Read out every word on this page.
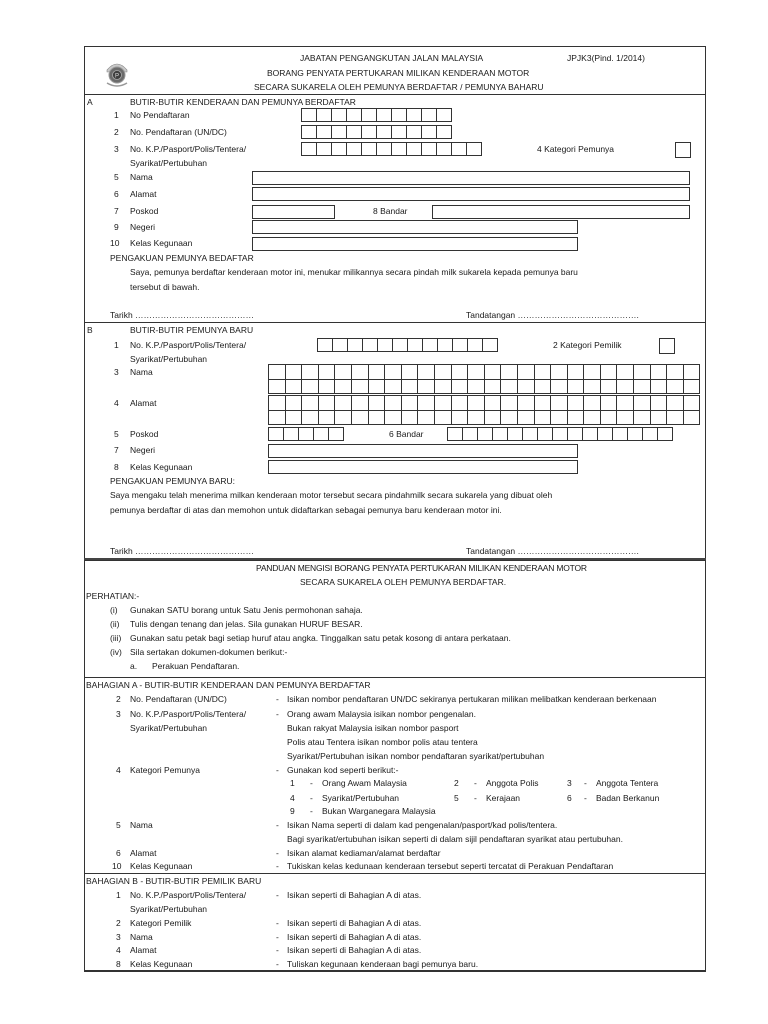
P
JABATAN PENGANGKUTAN JALAN MALAYSIA	JPJK3(Pind. 1/2014)
BORANG PENYATA PERTUKARAN MILIKAN KENDERAAN MOTOR
SECARA SUKARELA OLEH PEMUNYA BERDAFTAR / PEMUNYA BAHARU
A	BUTIR-BUTIR KENDERAAN DAN PEMUNYA BERDAFTAR
1 No Pendaftaran
2 No. Pendaftaran (UN/DC)
3 No. K.P./Pasport/Polis/Tentera/
Syarikat/Pertubuhan
4 Kategori Pemunya
5 Nama
6 Alamat
7 Poskod	8 Bandar
9 Negeri
10 Kelas Kegunaan
PENGAKUAN PEMUNYA BEDAFTAR
Saya, pemunya berdaftar kenderaan motor ini, menukar milikannya secara pindah milk sukarela kepada pemunya baru
tersebut di bawah.
Tarikh ……………………………………	Tandatangan …………………………………….
B	BUTIR-BUTIR PEMUNYA BARU
1 No. K.P./Pasport/Polis/Tentera/
Syarikat/Pertubuhan
2 Kategori Pemilik
3 Nama
4 Alamat
5 Poskod	6 Bandar
7 Negeri
8 Kelas Kegunaan
PENGAKUAN PEMUNYA BARU:
Saya mengaku telah menerima milkan kenderaan motor tersebut secara pindahmilk secara sukarela yang dibuat oleh
pemunya berdaftar di atas dan memohon untuk didaftarkan sebagai pemunya baru kenderaan motor ini.
Tarikh ……………………………………	Tandatangan …………………………………….
PANDUAN MENGISI BORANG PENYATA PERTUKARAN MILIKAN KENDERAAN MOTOR
SECARA SUKARELA OLEH PEMUNYA BERDAFTAR.
PERHATIAN:-
(i) Gunakan SATU borang untuk Satu Jenis permohonan sahaja.
(ii) Tulis dengan tenang dan jelas. Sila gunakan HURUF BESAR.
(iii) Gunakan satu petak bagi setiap huruf atau angka. Tinggalkan satu petak kosong di antara perkataan.
(iv) Sila sertakan dokumen-dokumen berikut:-
a. Perakuan Pendaftaran.
BAHAGIAN A - BUTIR-BUTIR KENDERAAN DAN PEMUNYA BERDAFTAR
2 No. Pendaftaran (UN/DC)	- Isikan nombor pendaftaran UN/DC sekiranya pertukaran milikan melibatkan kenderaan berkenaan
3 No. K.P./Pasport/Polis/Tentera/
Syarikat/Pertubuhan
- Orang awam Malaysia isikan nombor pengenalan.
Bukan rakyat Malaysia isikan nombor pasport
Polis atau Tentera isikan nombor polis atau tentera
Syarikat/Pertubuhan isikan nombor pendaftaran syarikat/pertubuhan
4 Kategori Pemunya	- Gunakan kod seperti berikut:-
1 - Orang Awam Malaysia	2 - Anggota Polis	3 - Anggota Tentera
4 - Syarikat/Pertubuhan	5 - Kerajaan	6 - Badan Berkanun
9 - Bukan Warganegara Malaysia
5 Nama	- Isikan Nama seperti di dalam kad pengenalan/pasport/kad polis/tentera.
Bagi syarikat/ertubuhan isikan seperti di dalam sijil pendaftaran syarikat atau pertubuhan.
6 Alamat	- Isikan alamat kediaman/alamat berdaftar
10 Kelas Kegunaan	- Tukiskan kelas kedunaan kenderaan tersebut seperti tercatat di Perakuan Pendaftaran
BAHAGIAN B - BUTIR-BUTIR PEMILIK BARU
1 No. K.P./Pasport/Polis/Tentera/
Syarikat/Pertubuhan
- Isikan seperti di Bahagian A di atas.
2 Kategori Pemilik	- Isikan seperti di Bahagian A di atas.
3 Nama	- Isikan seperti di Bahagian A di atas.
4 Alamat	- Isikan seperti di Bahagian A di atas.
8 Kelas Kegunaan	- Tuliskan kegunaan kenderaan bagi pemunya baru.
